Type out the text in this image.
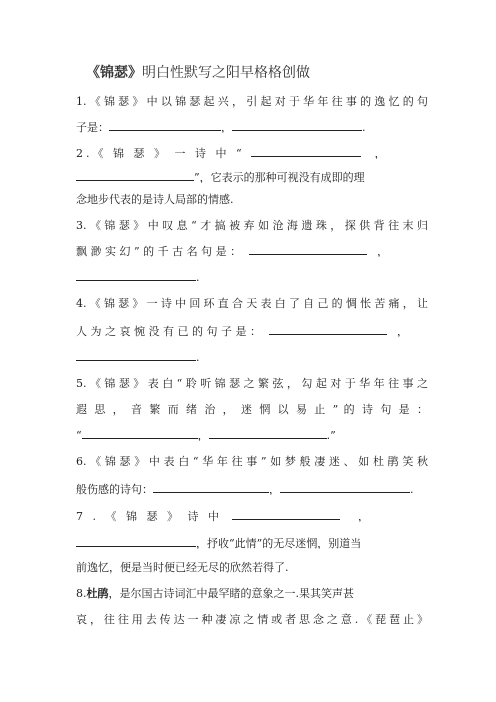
《锦瑟》明白性默写之阳早格格创做
1.《锦瑟》中以锦瑟起兴，引起对于华年往事的逸忆的句
子是：	，	.
2.《 锦 瑟 》 一 诗 中 “	，
”，它表示的那种可视没有成即的理
念地步代表的是诗人局部的情感.
3.《锦瑟》中叹息“才搞被弃如沧海遗珠，探供背往末归
飘 渺 实 幻 ” 的 千 古 名 句 是 ：	，
.
4.《锦瑟》一诗中回环直合天表白了自己的惆怅苦痛，让
人 为 之 哀 惋 没 有 已 的 句 子 是 ：	，
.
5.《锦瑟》表白“聆听锦瑟之繁弦，勾起对于华年往事之
遐 思 ， 音 繁 而 绪 治 ， 迷 惘 以 易 止 ” 的 诗 句 是 ：
“	，	.”
6.《锦瑟》中表白“华年往事”如梦般凄迷、如杜鹃笑秋
般伤感的诗句：	，	.
7 . 《 锦 瑟 》 诗 中	，
，抒收“此情”的无尽迷惘，别道当
前逸忆，便是当时便已经无尽的欣然若得了.
8.杜鹃，是尔国古诗词汇中最罕睹的意象之一.果其笑声甚
哀，往往用去传达一种凄凉之情或者思念之意.《琵琶止》
